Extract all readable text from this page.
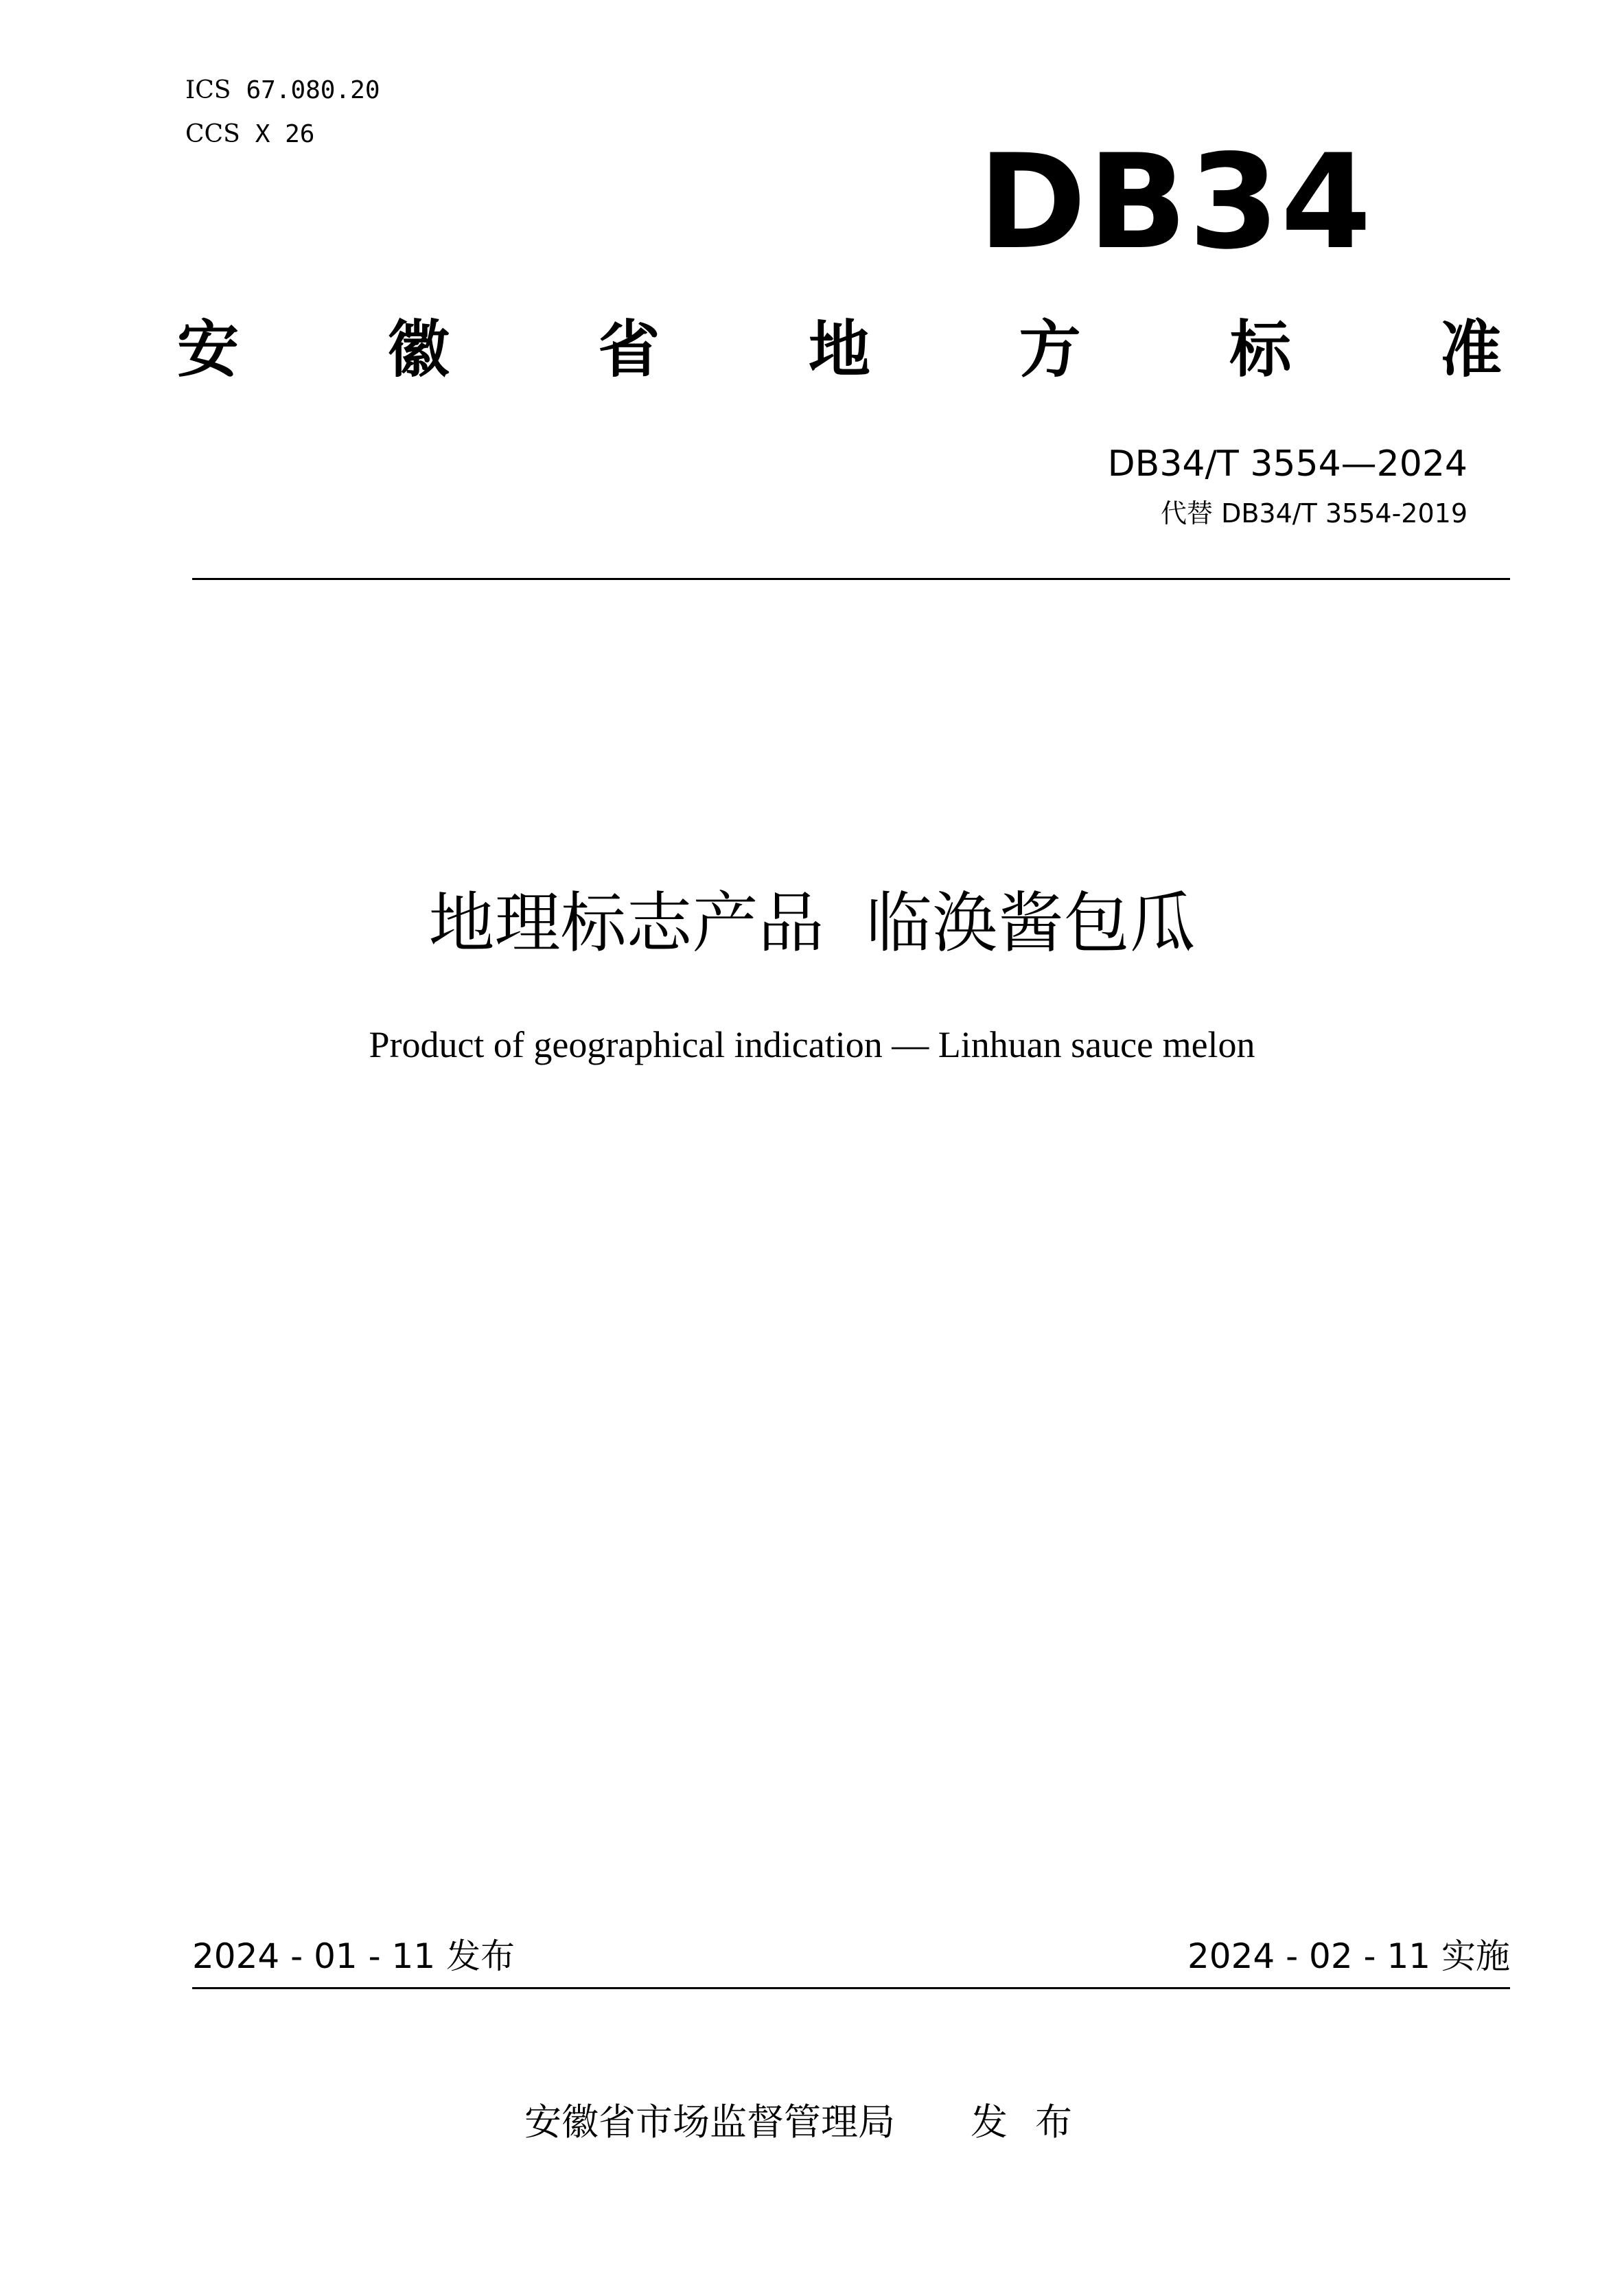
ICS 67.080.20
CCS X 26	DB34
安 徽 省 地 方 标 准
DB34/T 3554—2024
代替 DB34/T 3554-2019
地理标志产品  临涣酱包瓜
Product of geographical indication — Linhuan sauce melon
2024 - 01 - 11 发布	2024 - 02 - 11 实施
安徽省市场监督管理局 发布
